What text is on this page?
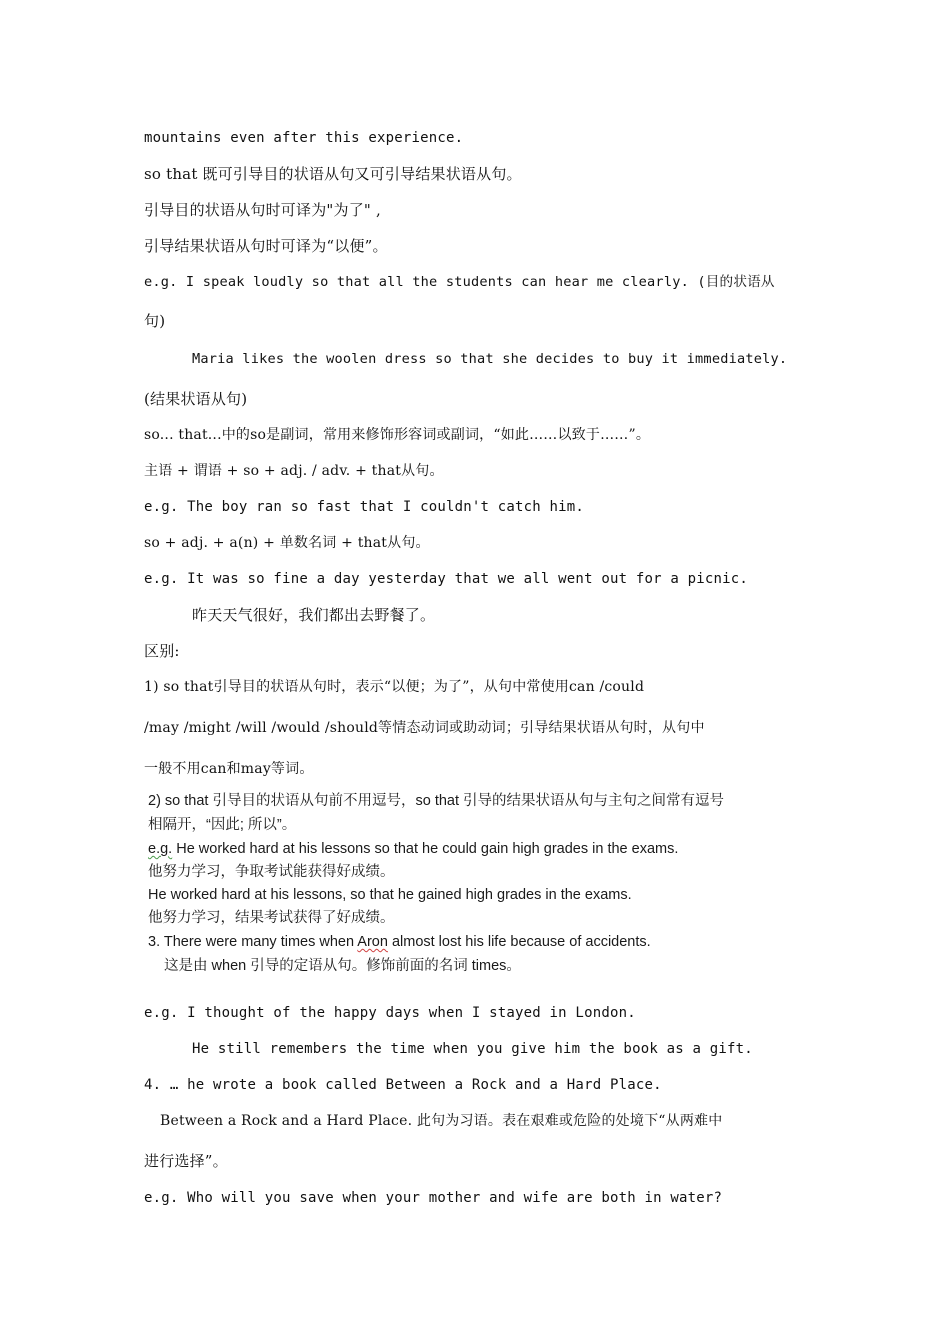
mountains even after this experience.
so that 既可引导目的状语从句又可引导结果状语从句。
引导目的状语从句时可译为"为了" ,
引导结果状语从句时可译为“以便”。
e.g. I speak loudly so that all the students can hear me clearly. (目的状语从
句)
Maria likes the woolen dress so that she decides to buy it immediately.
(结果状语从句)
so... that...中的so是副词，常用来修饰形容词或副词，“如此……以致于……”。
主语 + 谓语 + so + adj. / adv. + that从句。
e.g. The boy ran so fast that I couldn't catch him.
so + adj. + a(n) + 单数名词 + that从句。
e.g. It was so fine a day yesterday that we all went out for a picnic.
昨天天气很好，我们都出去野餐了。
区别:
1) so that引导目的状语从句时，表示“以便；为了”，从句中常使用can /could
/may /might /will /would /should等情态动词或助动词；引导结果状语从句时，从句中
一般不用can和may等词。
2) so that 引导目的状语从句前不用逗号，so that 引导的结果状语从句与主句之间常有逗号
相隔开，“因此; 所以”。
e.g. He worked hard at his lessons so that he could gain high grades in the exams.
他努力学习，争取考试能获得好成绩。
He worked hard at his lessons, so that he gained high grades in the exams.
他努力学习，结果考试获得了好成绩。
3. There were many times when Aron almost lost his life because of accidents.
这是由 when 引导的定语从句。修饰前面的名词 times。
e.g. I thought of the happy days when I stayed in London.
He still remembers the time when you give him the book as a gift.
4. … he wrote a book called Between a Rock and a Hard Place.
Between a Rock and a Hard Place. 此句为习语。表在艰难或危险的处境下“从两难中
进行选择”。
e.g. Who will you save when your mother and wife are both in water?
